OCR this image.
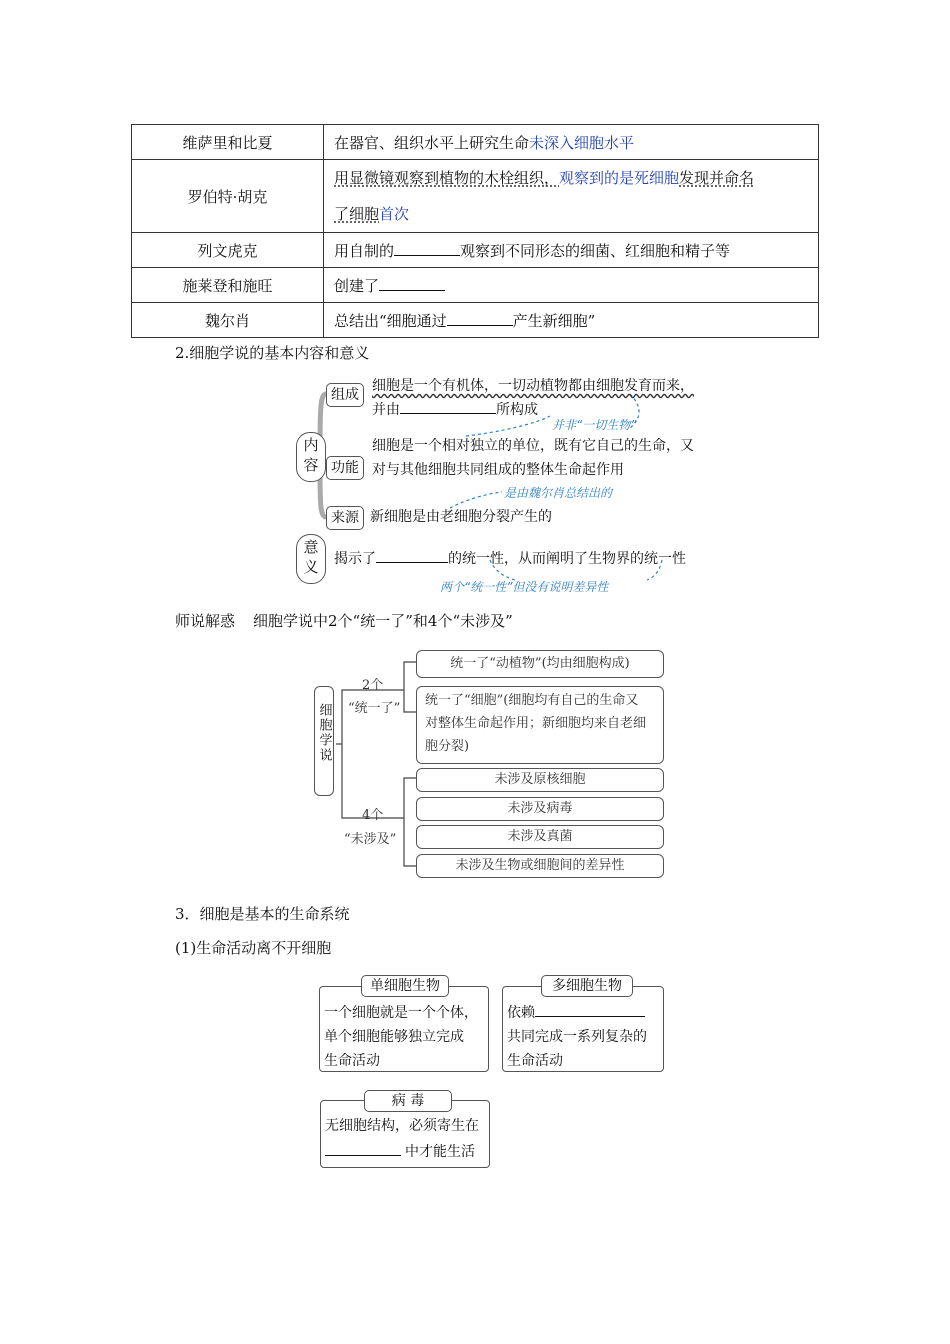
维萨里和比夏	在器官、组织水平上研究生命未深入细胞水平
罗伯特·胡克	用显微镜观察到植物的木栓组织，观察到的是死细胞发现并命名
了细胞首次
列文虎克	用自制的 观察到不同形态的细菌、红细胞和精子等
施莱登和施旺	创建了
魏尔肖	总结出“细胞通过 产生新细胞”
2.细胞学说的基本内容和意义
内
容
组成
细胞是一个有机体，一切动植物都由细胞发育而来，
并由	所构成
并非“一切生物”
功能
细胞是一个相对独立的单位，既有它自己的生命，又
对与其他细胞共同组成的整体生命起作用
是由魏尔肖总结出的
来源 新细胞是由老细胞分裂产生的
意
义	揭示了	的统一性，从而阐明了生物界的统一性
两个“统一性”但没有说明差异性
师说解惑 细胞学说中2个“统一了”和4个“未涉及”
细胞学说
2个
“统一了”
4个
“未涉及”
统一了“动植物”(均由细胞构成)
统一了“细胞”(细胞均有自己的生命又
对整体生命起作用；新细胞均来自老细
胞分裂)
未涉及原核细胞
未涉及病毒
未涉及真菌
未涉及生物或细胞间的差异性
3．细胞是基本的生命系统
(1)生命活动离不开细胞
一个细胞就是一个个体，
单个细胞能够独立完成
生命活动
单细胞生物
依赖
共同完成一系列复杂的
生命活动
多细胞生物
无细胞结构，必须寄生在
中才能生活
病 毒
